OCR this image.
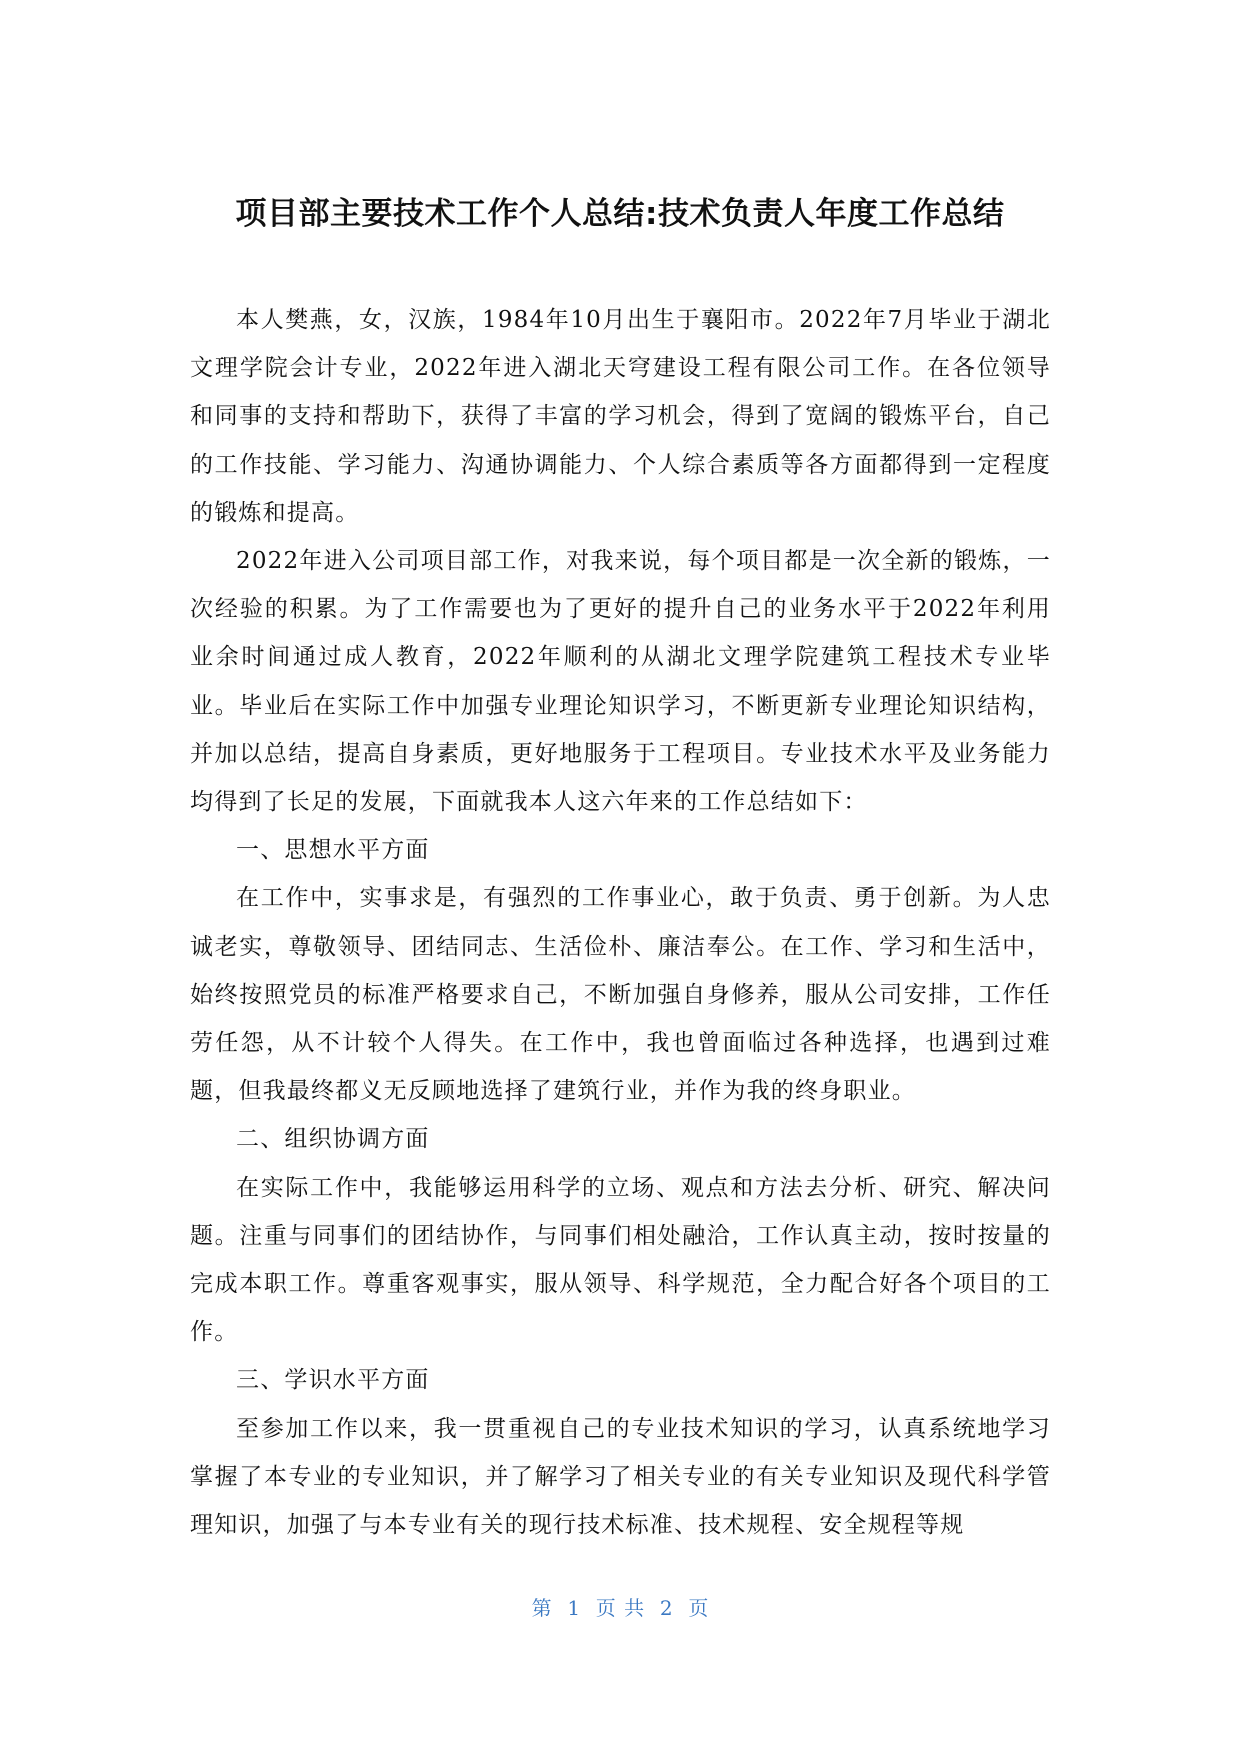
项目部主要技术工作个人总结:技术负责人年度工作总结

本人樊燕，女，汉族，1984年10月出生于襄阳市。2022年7月毕业于湖北文理学院会计专业，2022年进入湖北天穹建设工程有限公司工作。在各位领导和同事的支持和帮助下，获得了丰富的学习机会，得到了宽阔的锻炼平台，自己的工作技能、学习能力、沟通协调能力、个人综合素质等各方面都得到一定程度的锻炼和提高。

2022年进入公司项目部工作，对我来说，每个项目都是一次全新的锻炼，一次经验的积累。为了工作需要也为了更好的提升自己的业务水平于2022年利用业余时间通过成人教育，2022年顺利的从湖北文理学院建筑工程技术专业毕业。毕业后在实际工作中加强专业理论知识学习，不断更新专业理论知识结构，并加以总结，提高自身素质，更好地服务于工程项目。专业技术水平及业务能力均得到了长足的发展，下面就我本人这六年来的工作总结如下：

一、思想水平方面

在工作中，实事求是，有强烈的工作事业心，敢于负责、勇于创新。为人忠诚老实，尊敬领导、团结同志、生活俭朴、廉洁奉公。在工作、学习和生活中，始终按照党员的标准严格要求自己，不断加强自身修养，服从公司安排，工作任劳任怨，从不计较个人得失。在工作中，我也曾面临过各种选择，也遇到过难题，但我最终都义无反顾地选择了建筑行业，并作为我的终身职业。

二、组织协调方面

在实际工作中，我能够运用科学的立场、观点和方法去分析、研究、解决问题。注重与同事们的团结协作，与同事们相处融洽，工作认真主动，按时按量的完成本职工作。尊重客观事实，服从领导、科学规范，全力配合好各个项目的工作。

三、学识水平方面

至参加工作以来，我一贯重视自己的专业技术知识的学习，认真系统地学习掌握了本专业的专业知识，并了解学习了相关专业的有关专业知识及现代科学管理知识，加强了与本专业有关的现行技术标准、技术规程、安全规程等规

第  1  页 共  2  页
